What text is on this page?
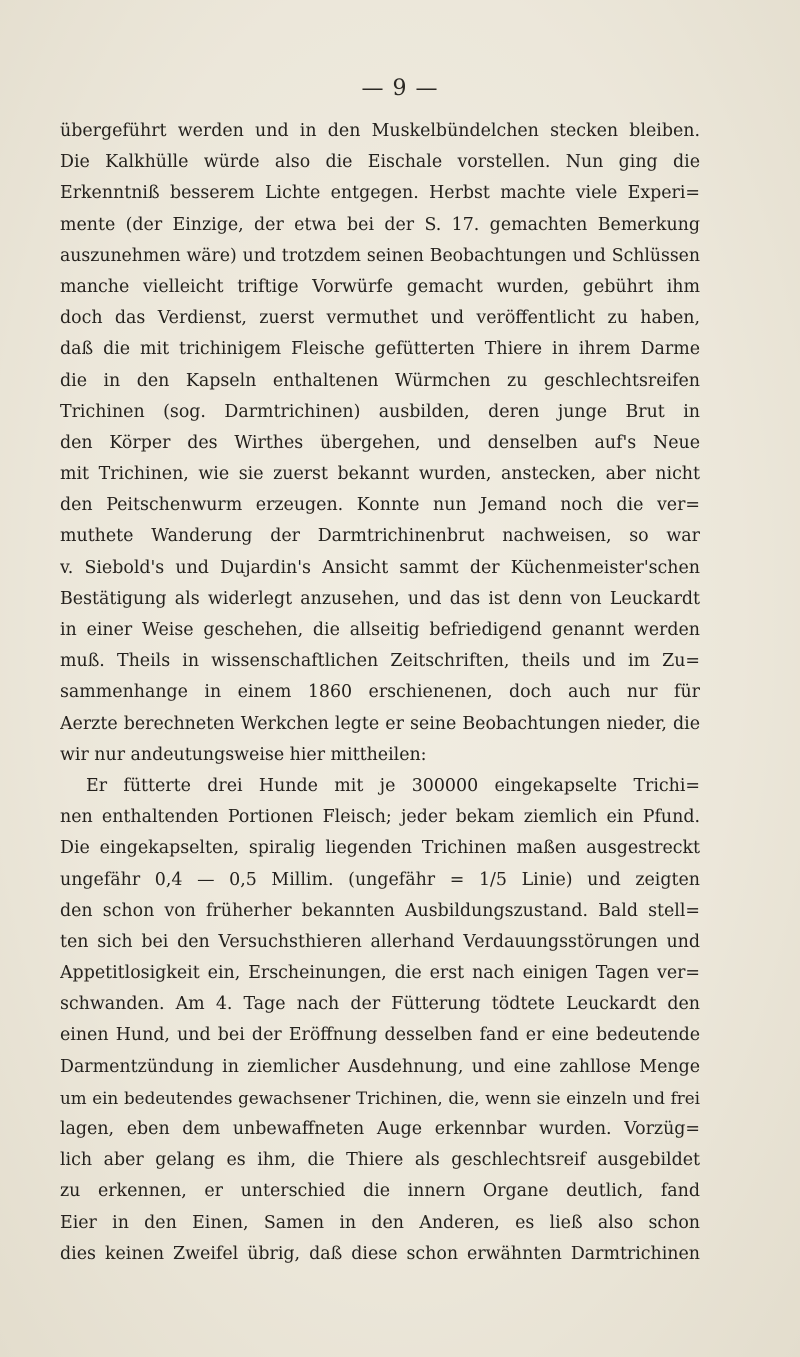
— 9 —
übergeführt werden und in den Muskelbündelchen stecken bleiben.
Die Kalkhülle würde also die Eischale vorstellen. Nun ging die
Erkenntniß besserem Lichte entgegen. Herbst machte viele Experi=
mente (der Einzige, der etwa bei der S. 17. gemachten Bemerkung
auszunehmen wäre) und trotzdem seinen Beobachtungen und Schlüssen
manche vielleicht triftige Vorwürfe gemacht wurden, gebührt ihm
doch das Verdienst, zuerst vermuthet und veröffentlicht zu haben,
daß die mit trichinigem Fleische gefütterten Thiere in ihrem Darme
die in den Kapseln enthaltenen Würmchen zu geschlechtsreifen
Trichinen (sog. Darmtrichinen) ausbilden, deren junge Brut in
den Körper des Wirthes übergehen, und denselben auf's Neue
mit Trichinen, wie sie zuerst bekannt wurden, anstecken, aber nicht
den Peitschenwurm erzeugen. Konnte nun Jemand noch die ver=
muthete Wanderung der Darmtrichinenbrut nachweisen, so war
v. Siebold's und Dujardin's Ansicht sammt der Küchenmeister'schen
Bestätigung als widerlegt anzusehen, und das ist denn von Leuckardt
in einer Weise geschehen, die allseitig befriedigend genannt werden
muß. Theils in wissenschaftlichen Zeitschriften, theils und im Zu=
sammenhange in einem 1860 erschienenen, doch auch nur für
Aerzte berechneten Werkchen legte er seine Beobachtungen nieder, die
wir nur andeutungsweise hier mittheilen:
Er fütterte drei Hunde mit je 300000 eingekapselte Trichi=
nen enthaltenden Portionen Fleisch; jeder bekam ziemlich ein Pfund.
Die eingekapselten, spiralig liegenden Trichinen maßen ausgestreckt
ungefähr 0,4 — 0,5 Millim. (ungefähr = 1/5 Linie) und zeigten
den schon von früherher bekannten Ausbildungszustand. Bald stell=
ten sich bei den Versuchsthieren allerhand Verdauungsstörungen und
Appetitlosigkeit ein, Erscheinungen, die erst nach einigen Tagen ver=
schwanden. Am 4. Tage nach der Fütterung tödtete Leuckardt den
einen Hund, und bei der Eröffnung desselben fand er eine bedeutende
Darmentzündung in ziemlicher Ausdehnung, und eine zahllose Menge
um ein bedeutendes gewachsener Trichinen, die, wenn sie einzeln und frei
lagen, eben dem unbewaffneten Auge erkennbar wurden. Vorzüg=
lich aber gelang es ihm, die Thiere als geschlechtsreif ausgebildet
zu erkennen, er unterschied die innern Organe deutlich, fand
Eier in den Einen, Samen in den Anderen, es ließ also schon
dies keinen Zweifel übrig, daß diese schon erwähnten Darmtrichinen
